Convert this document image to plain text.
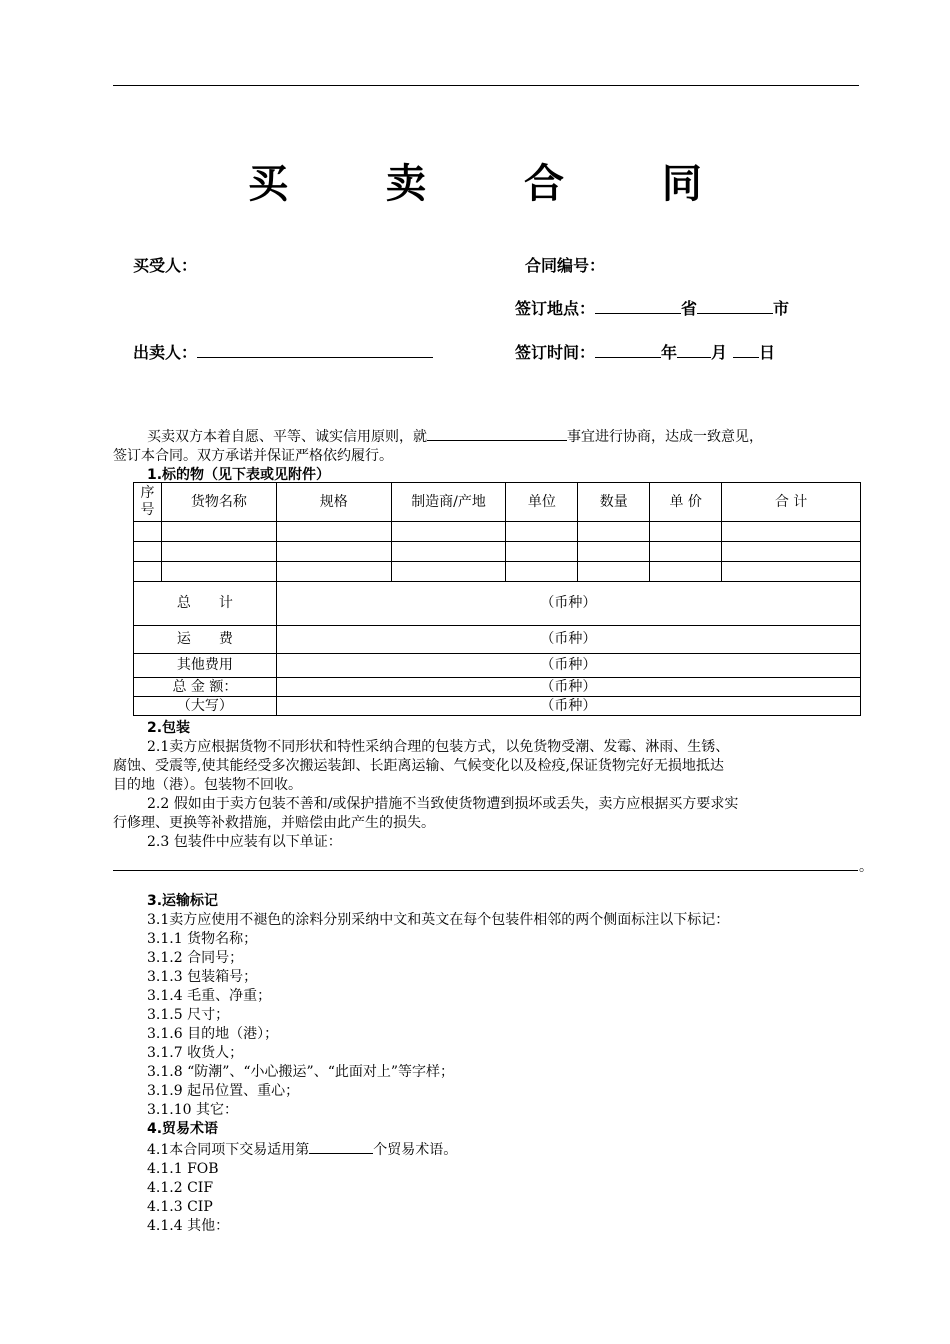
买 卖 合 同
买受人：	合同编号：
签订地点：	省	市
出卖人：	签订时间：	年 月 日
买卖双方本着自愿、平等、诚实信用原则，就	事宜进行协商，达成一致意见，
签订本合同。双方承诺并保证严格依约履行。
1.标的物（见下表或见附件）
序号	货物名称	规格	制造商/产地	单位	数量	单 价	合 计

总　　计		（币种）					
运　　费		（币种）					
其他费用		（币种）					
总 金 额：		（币种）					
（大写）		（币种）					
2.包装
2.1卖方应根据货物不同形状和特性采纳合理的包装方式，以免货物受潮、发霉、淋雨、生锈、
腐蚀、受震等,使其能经受多次搬运装卸、长距离运输、气候变化以及检疫,保证货物完好无损地抵达
目的地（港）。包装物不回收。
2.2 假如由于卖方包装不善和/或保护措施不当致使货物遭到损坏或丢失，卖方应根据买方要求实
行修理、更换等补救措施，并赔偿由此产生的损失。
2.3 包装件中应装有以下单证：
。
3.运输标记
3.1卖方应使用不褪色的涂料分别采纳中文和英文在每个包装件相邻的两个侧面标注以下标记：
3.1.1 货物名称；
3.1.2 合同号；
3.1.3 包装箱号；
3.1.4 毛重、净重；
3.1.5 尺寸；
3.1.6 目的地（港）；
3.1.7 收货人；
3.1.8 “防潮”、“小心搬运”、“此面对上”等字样；
3.1.9 起吊位置、重心；
3.1.10 其它：
4.贸易术语
4.1本合同项下交易适用第	个贸易术语。
4.1.1 FOB
4.1.2 CIF
4.1.3 CIP
4.1.4 其他：
